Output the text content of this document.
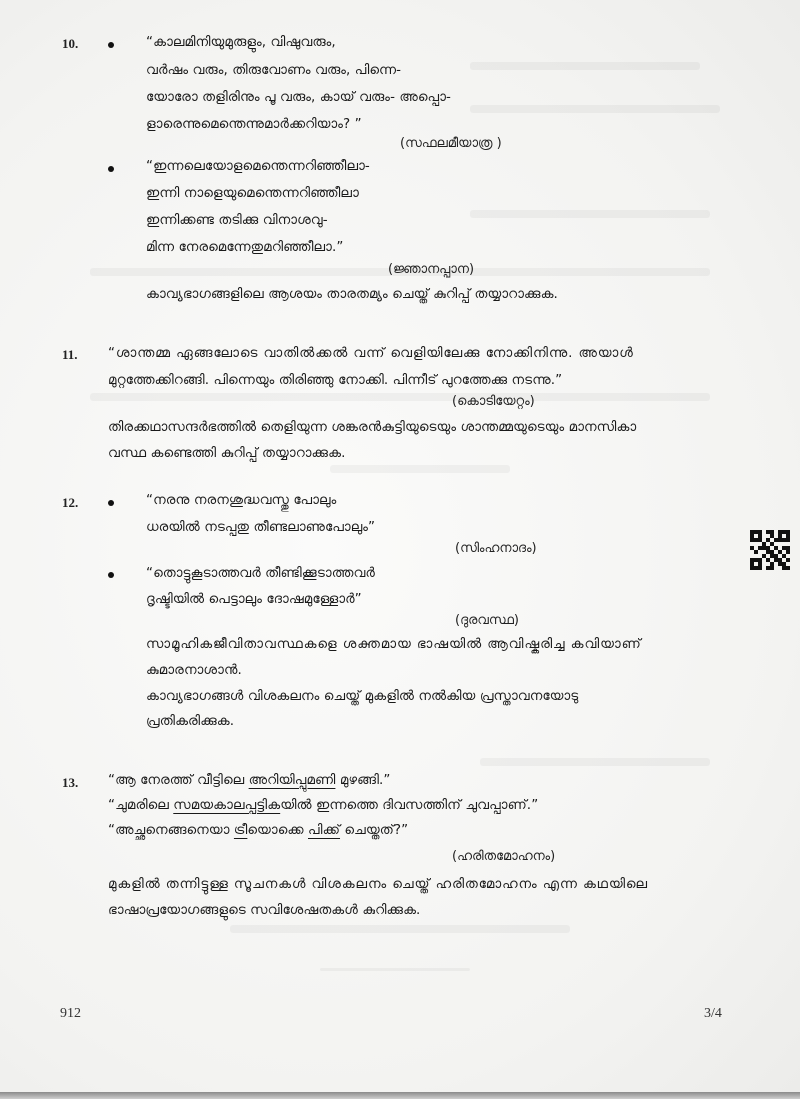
10.	“കാലമിനിയുമുരുളും, വിഷുവരും,
വർഷം വരും, തിരുവോണം വരും, പിന്നെ-
യോരോ തളിരിനും പൂ വരും, കായ് വരും- അപ്പൊ-
ളാരെന്നുമെന്തെന്നുമാർക്കറിയാം? ”
(സഫലമീയാത്ര )
“ഇന്നലെയോളമെന്തെന്നറിഞ്ഞീലാ-
ഇന്നി നാളെയുമെന്തെന്നറിഞ്ഞീലാ
ഇന്നിക്കണ്ട തടിക്കു വിനാശവു-
മിന്ന നേരമെന്നേതുമറിഞ്ഞീലാ.”
(ജ്ഞാനപ്പാന)
കാവ്യഭാഗങ്ങളിലെ ആശയം താരതമ്യം ചെയ്ത് കുറിപ്പ് തയ്യാറാക്കുക.
11. “ശാന്തമ്മ ഏങ്ങലോടെ വാതിൽക്കൽ വന്ന് വെളിയിലേക്കു നോക്കിനിന്നു. അയാൾ
മുറ്റത്തേക്കിറങ്ങി. പിന്നെയും തിരിഞ്ഞു നോക്കി. പിന്നീട് പുറത്തേക്കു നടന്നു.”
(കൊടിയേറ്റം)
തിരക്കഥാസന്ദർഭത്തിൽ തെളിയുന്ന ശങ്കരൻകുട്ടിയുടെയും ശാന്തമ്മയുടെയും മാനസികാ
വസ്ഥ കണ്ടെത്തി കുറിപ്പ് തയ്യാറാക്കുക.
12.	“നരനു നരനശുദ്ധവസ്തു പോലും
ധരയിൽ നടപ്പതു തീണ്ടലാണുപോലും”
(സിംഹനാദം)
“തൊട്ടുകൂടാത്തവർ തീണ്ടിക്കൂടാത്തവർ
ദൃഷ്ടിയിൽ പെട്ടാലും ദോഷമുള്ളോർ”
(ദുരവസ്ഥ)
സാമൂഹികജീവിതാവസ്ഥകളെ ശക്തമായ ഭാഷയിൽ ആവിഷ്കരിച്ച കവിയാണ്
കുമാരനാശാൻ.
കാവ്യഭാഗങ്ങൾ വിശകലനം ചെയ്ത് മുകളിൽ നൽകിയ പ്രസ്താവനയോടു
പ്രതികരിക്കുക.
13. “ആ നേരത്ത് വീട്ടിലെ അറിയിപ്പുമണി മുഴങ്ങി.”
“ചുമരിലെ സമയകാലപ്പട്ടികയിൽ ഇന്നത്തെ ദിവസത്തിന് ചുവപ്പാണ്.”
“അച്ഛനെങ്ങനെയാ ട്രീയൊക്കെ പിക്ക് ചെയ്തത്?”
(ഹരിതമോഹനം)
മുകളിൽ തന്നിട്ടുള്ള സൂചനകൾ വിശകലനം ചെയ്ത് ഹരിതമോഹനം എന്ന കഥയിലെ
ഭാഷാപ്രയോഗങ്ങളുടെ സവിശേഷതകൾ കുറിക്കുക.
912	3/4
